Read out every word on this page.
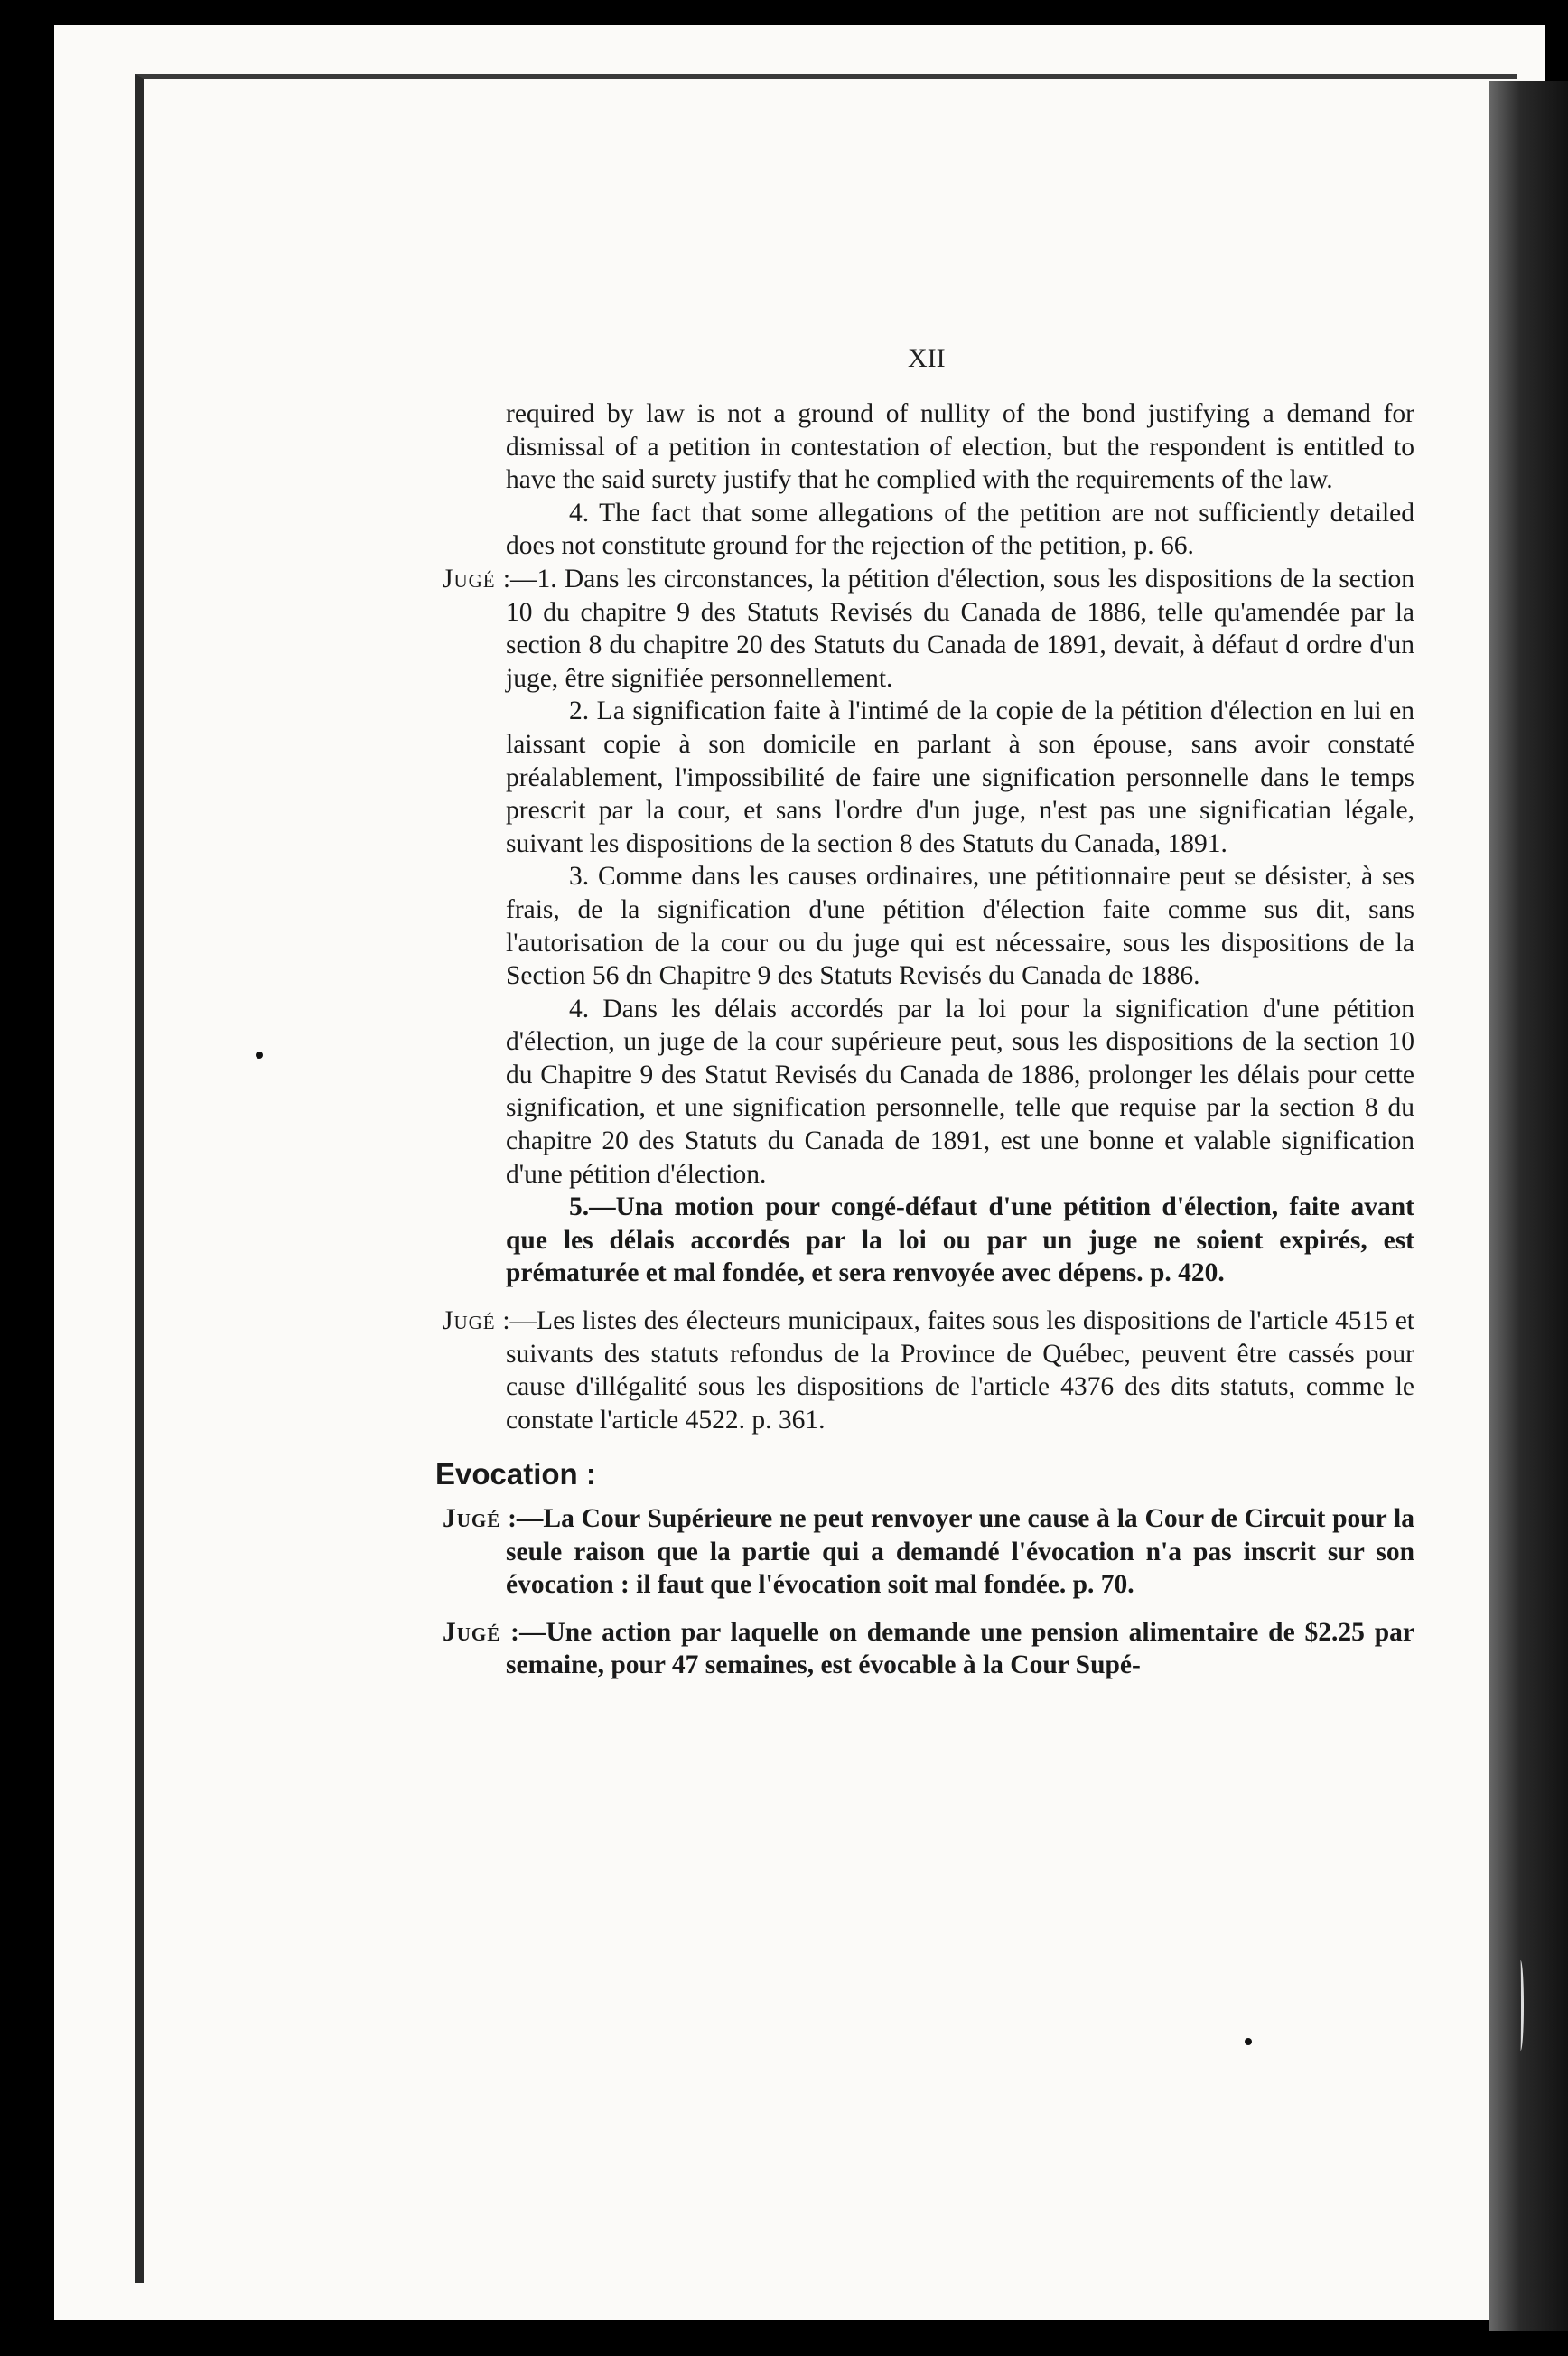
XII

required by law is not a ground of nullity of the bond justifying a demand for dismissal of a petition in contestation of election, but the respondent is entitled to have the said surety justify that he complied with the requirements of the law.

4. The fact that some allegations of the petition are not sufficiently detailed does not constitute ground for the rejection of the petition, p. 66.

Jugé :—1. Dans les circonstances, la pétition d'élection, sous les dispositions de la section 10 du chapitre 9 des Statuts Revisés du Canada de 1886, telle qu'amendée par la section 8 du chapitre 20 des Statuts du Canada de 1891, devait, à défaut d ordre d'un juge, être signifiée personnellement.

2. La signification faite à l'intimé de la copie de la pétition d'élection en lui en laissant copie à son domicile en parlant à son épouse, sans avoir constaté préalablement, l'impossibilité de faire une signification personnelle dans le temps prescrit par la cour, et sans l'ordre d'un juge, n'est pas une significatian légale, suivant les dispositions de la section 8 des Statuts du Canada, 1891.

3. Comme dans les causes ordinaires, une pétitionnaire peut se désister, à ses frais, de la signification d'une pétition d'élection faite comme sus dit, sans l'autorisation de la cour ou du juge qui est nécessaire, sous les dispositions de la Section 56 dn Chapitre 9 des Statuts Revisés du Canada de 1886.

4. Dans les délais accordés par la loi pour la signification d'une pétition d'élection, un juge de la cour supérieure peut, sous les dispositions de la section 10 du Chapitre 9 des Statut Revisés du Canada de 1886, prolonger les délais pour cette signification, et une signification personnelle, telle que requise par la section 8 du chapitre 20 des Statuts du Canada de 1891, est une bonne et valable signification d'une pétition d'élection.

5.—Una motion pour congé-défaut d'une pétition d'élection, faite avant que les délais accordés par la loi ou par un juge ne soient expirés, est prématurée et mal fondée, et sera renvoyée avec dépens. p. 420.

Jugé :—Les listes des électeurs municipaux, faites sous les dispositions de l'article 4515 et suivants des statuts refondus de la Province de Québec, peuvent être cassés pour cause d'illégalité sous les dispositions de l'article 4376 des dits statuts, comme le constate l'article 4522. p. 361.

Evocation :

Jugé :—La Cour Supérieure ne peut renvoyer une cause à la Cour de Circuit pour la seule raison que la partie qui a demandé l'évocation n'a pas inscrit sur son évocation : il faut que l'évocation soit mal fondée. p. 70.

Jugé :—Une action par laquelle on demande une pension alimentaire de $2.25 par semaine, pour 47 semaines, est évocable à la Cour Supé-
